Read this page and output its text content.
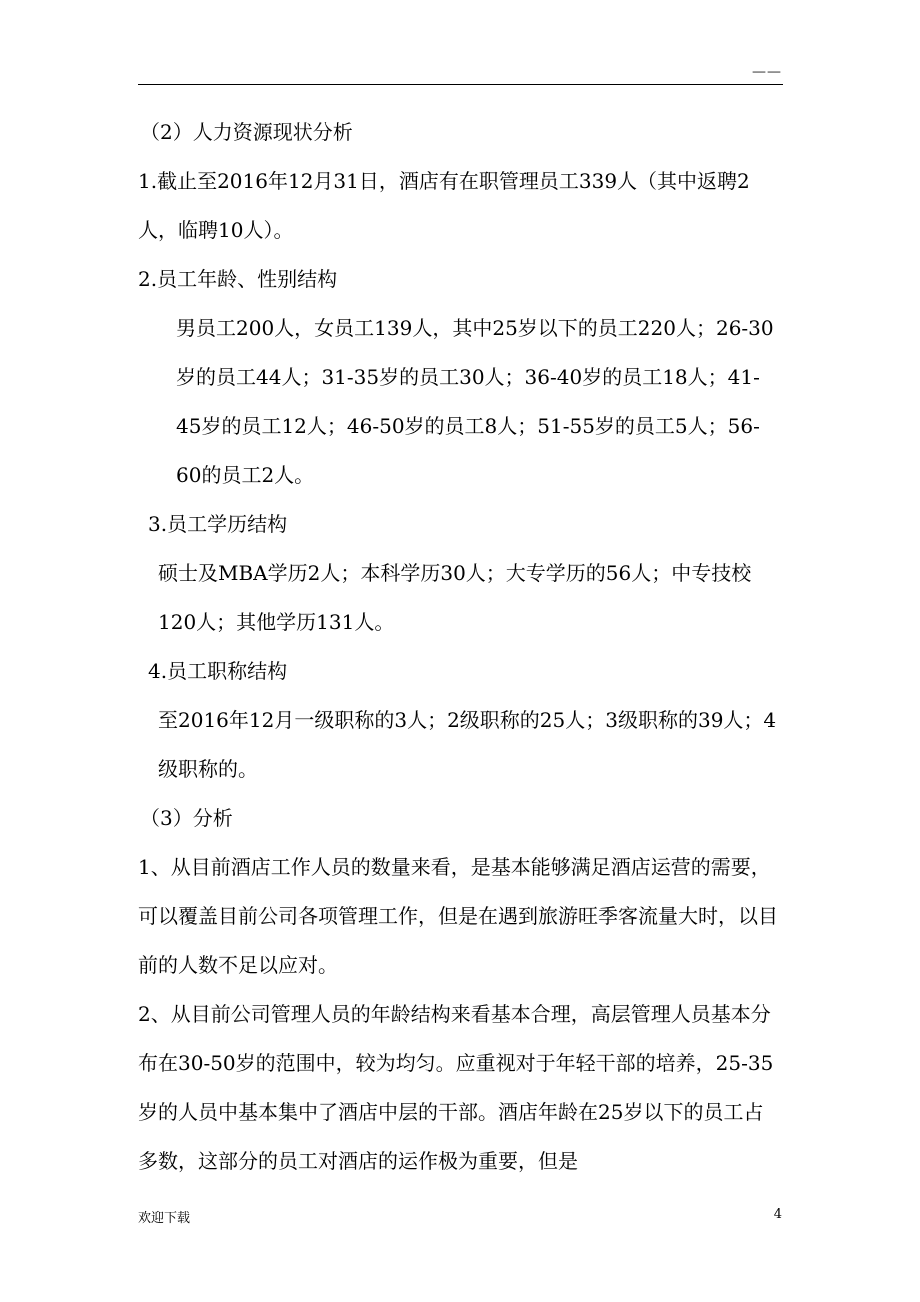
——

（2）人力资源现状分析

1.截止至2016年12月31日，酒店有在职管理员工339人（其中返聘2人，临聘10人）。

2.员工年龄、性别结构

男员工200人，女员工139人，其中25岁以下的员工220人；26-30岁的员工44人；31-35岁的员工30人；36-40岁的员工18人；41-45岁的员工12人；46-50岁的员工8人；51-55岁的员工5人；56-60的员工2人。

3.员工学历结构

硕士及MBA学历2人；本科学历30人；大专学历的56人；中专技校120人；其他学历131人。

4.员工职称结构

至2016年12月一级职称的3人；2级职称的25人；3级职称的39人；4级职称的。

（3）分析

1、从目前酒店工作人员的数量来看，是基本能够满足酒店运营的需要，可以覆盖目前公司各项管理工作，但是在遇到旅游旺季客流量大时，以目前的人数不足以应对。

2、从目前公司管理人员的年龄结构来看基本合理，高层管理人员基本分布在30-50岁的范围中，较为均匀。应重视对于年轻干部的培养，25-35岁的人员中基本集中了酒店中层的干部。酒店年龄在25岁以下的员工占多数，这部分的员工对酒店的运作极为重要，但是

欢迎下载	4
